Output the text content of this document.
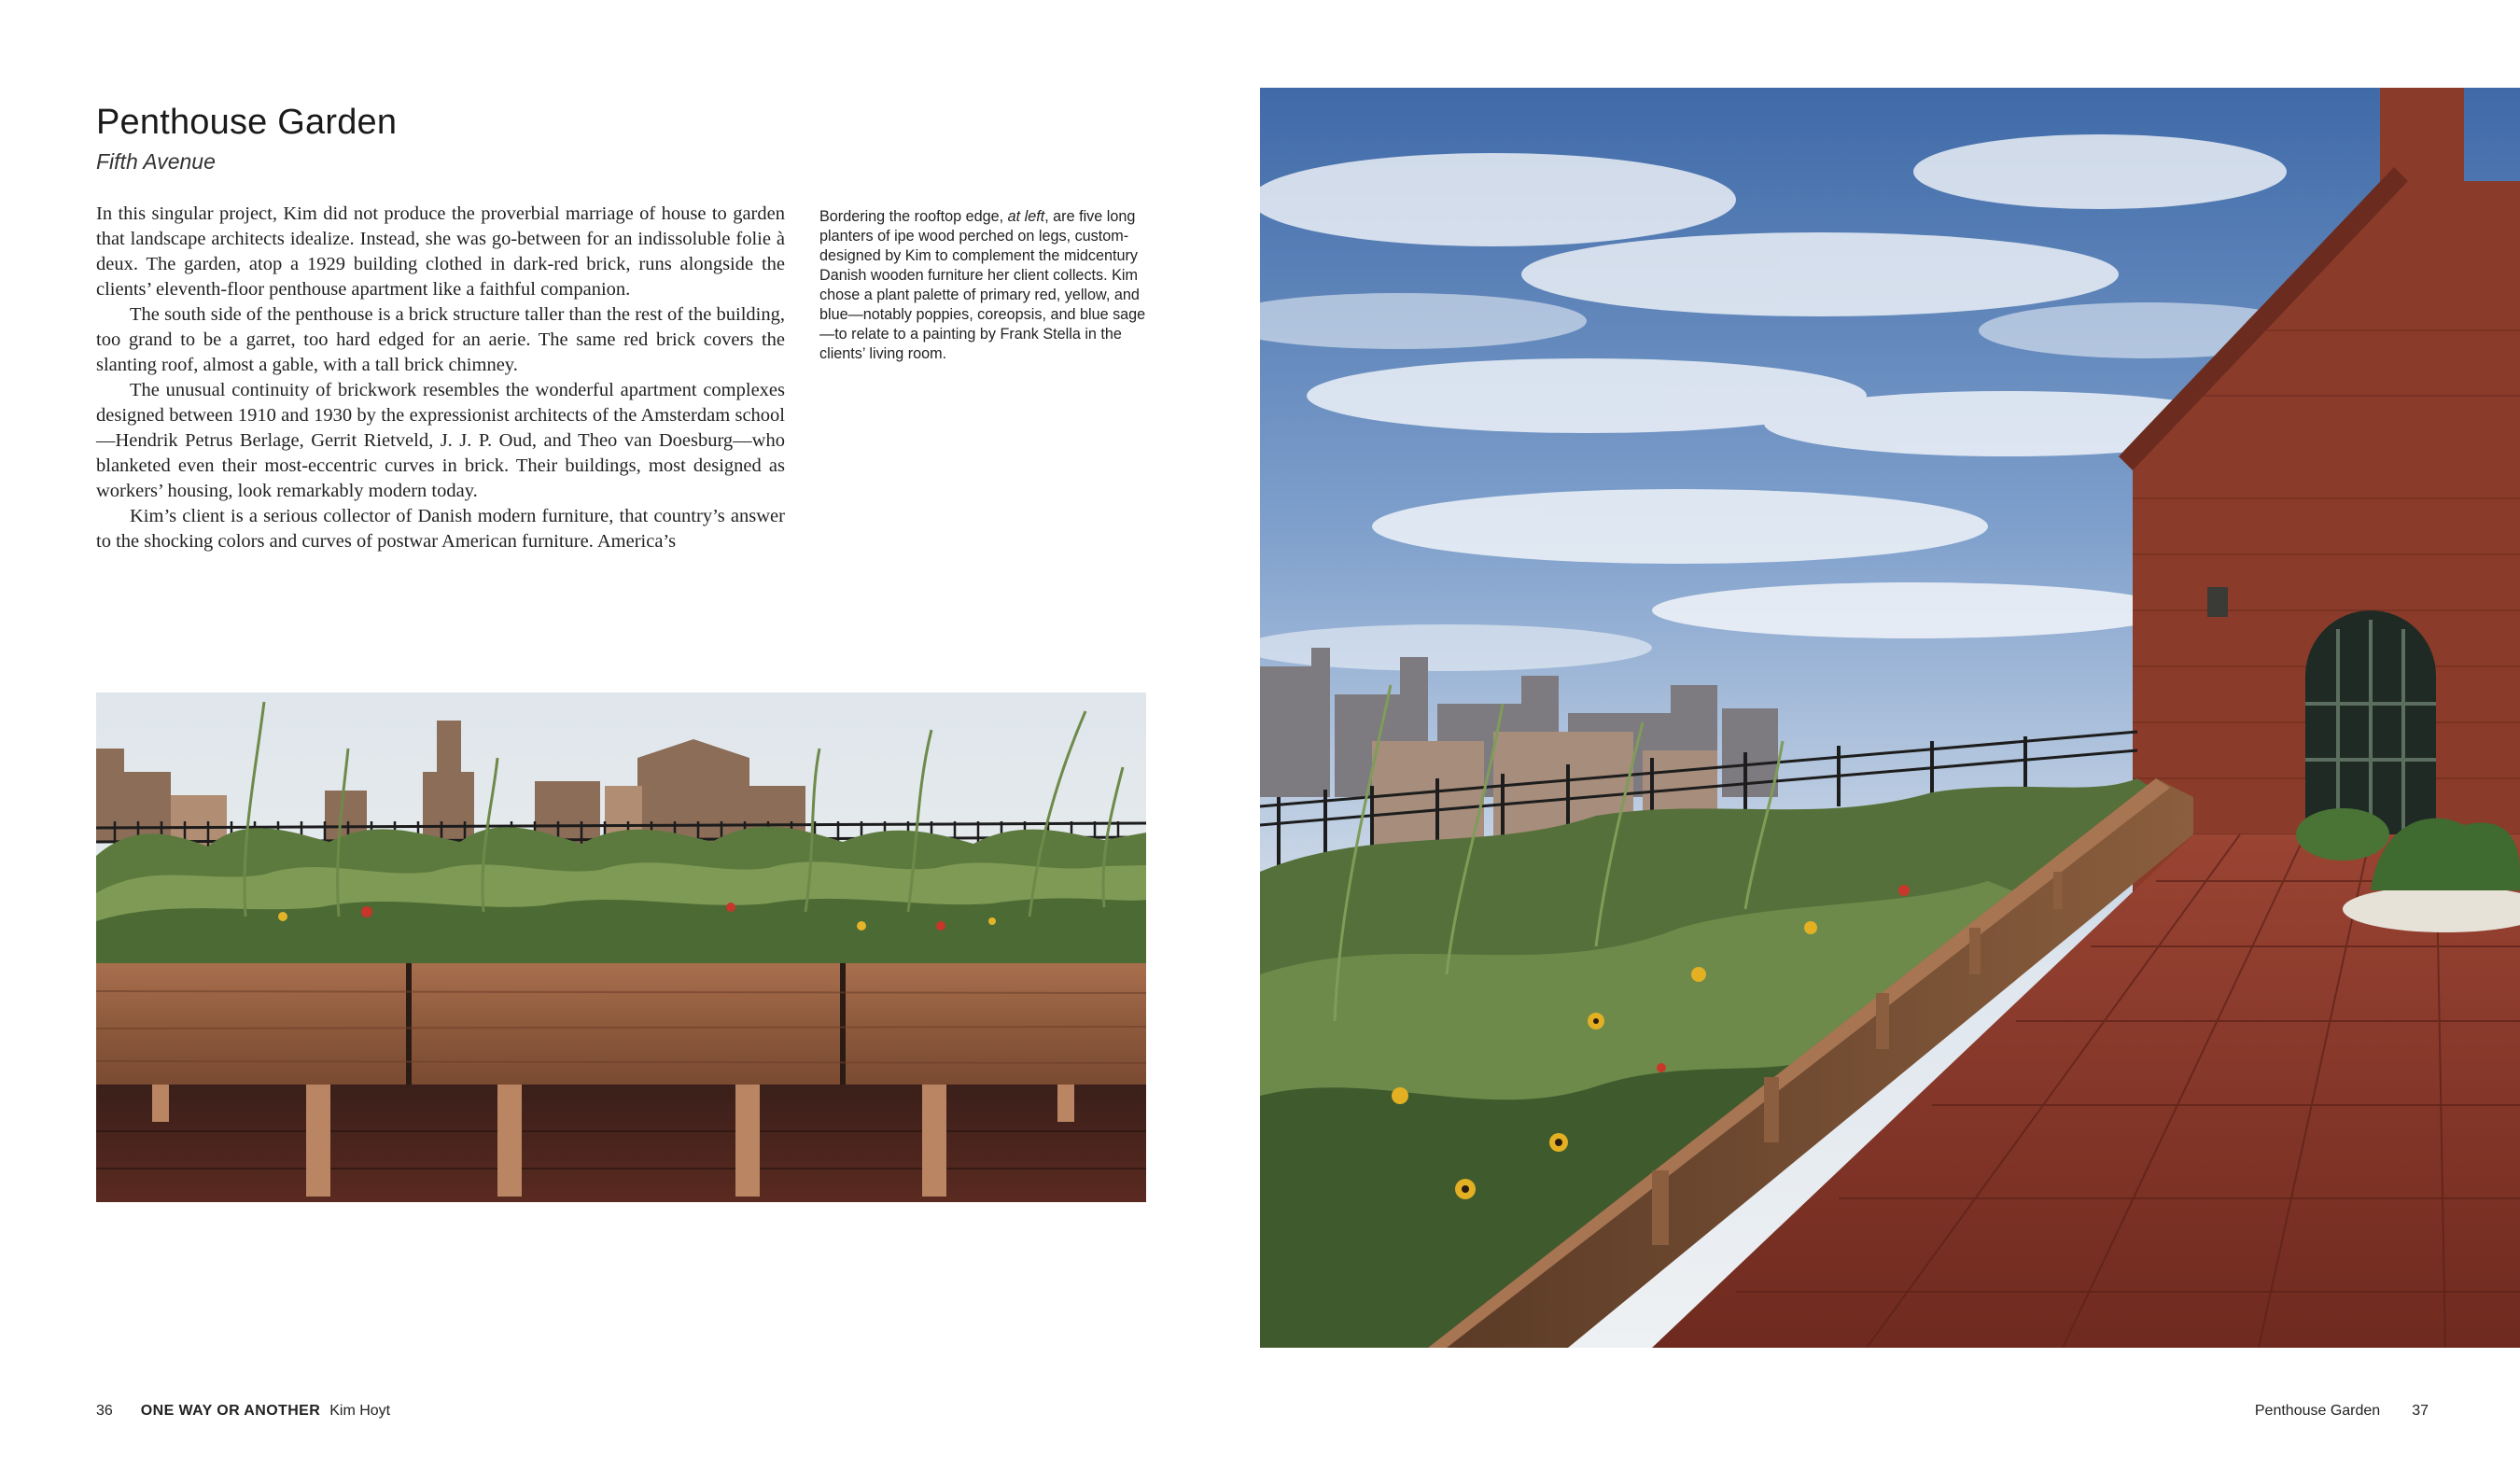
Penthouse Garden
Fifth Avenue

In this singular project, Kim did not produce the proverbial marriage of house to garden that landscape architects idealize. Instead, she was go-between for an indissoluble folie à deux. The garden, atop a 1929 building clothed in dark-red brick, runs alongside the clients’ eleventh-floor penthouse apartment like a faithful companion.

The south side of the penthouse is a brick structure taller than the rest of the building, too grand to be a garret, too hard edged for an aerie. The same red brick covers the slanting roof, almost a gable, with a tall brick chimney.

The unusual continuity of brickwork resembles the wonderful apartment complexes designed between 1910 and 1930 by the expressionist architects of the Amsterdam school—Hendrik Petrus Berlage, Gerrit Rietveld, J. J. P. Oud, and Theo van Doesburg—who blanketed even their most-eccentric curves in brick. Their buildings, most designed as workers’ housing, look remarkably modern today.

Kim’s client is a serious collector of Danish modern furniture, that country’s answer to the shocking colors and curves of postwar American furniture. America’s

Bordering the rooftop edge, at left, are five long planters of ipe wood perched on legs, custom-designed by Kim to complement the midcentury Danish wooden furniture her client collects. Kim chose a plant palette of primary red, yellow, and blue—notably poppies, coreopsis, and blue sage—to relate to a painting by Frank Stella in the clients’ living room.
36 ONE WAY OR ANOTHER Kim Hoyt	Penthouse Garden 37
